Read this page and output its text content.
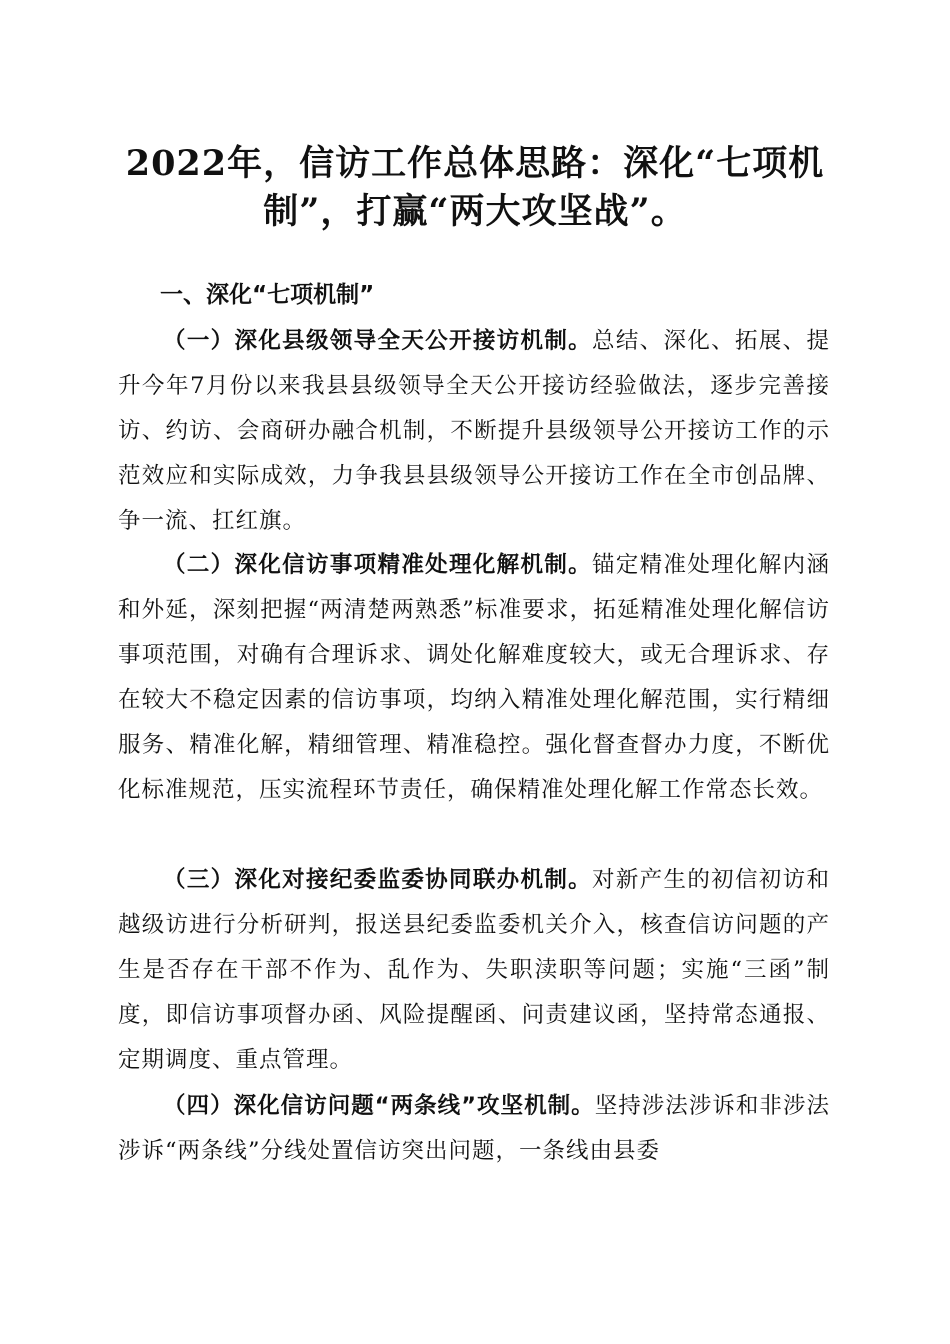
2022年，信访工作总体思路：深化“七项机制”，打赢“两大攻坚战”。
一、深化“七项机制”

（一）深化县级领导全天公开接访机制。总结、深化、拓展、提升今年7月份以来我县县级领导全天公开接访经验做法，逐步完善接访、约访、会商研办融合机制，不断提升县级领导公开接访工作的示范效应和实际成效，力争我县县级领导公开接访工作在全市创品牌、争一流、扛红旗。

（二）深化信访事项精准处理化解机制。锚定精准处理化解内涵和外延，深刻把握“两清楚两熟悉”标准要求，拓延精准处理化解信访事项范围，对确有合理诉求、调处化解难度较大，或无合理诉求、存在较大不稳定因素的信访事项，均纳入精准处理化解范围，实行精细服务、精准化解，精细管理、精准稳控。强化督查督办力度，不断优化标准规范，压实流程环节责任，确保精准处理化解工作常态长效。

（三）深化对接纪委监委协同联办机制。对新产生的初信初访和越级访进行分析研判，报送县纪委监委机关介入，核查信访问题的产生是否存在干部不作为、乱作为、失职渎职等问题；实施“三函”制度，即信访事项督办函、风险提醒函、问责建议函，坚持常态通报、定期调度、重点管理。

（四）深化信访问题“两条线”攻坚机制。坚持涉法涉诉和非涉法涉诉“两条线”分线处置信访突出问题，一条线由县委
